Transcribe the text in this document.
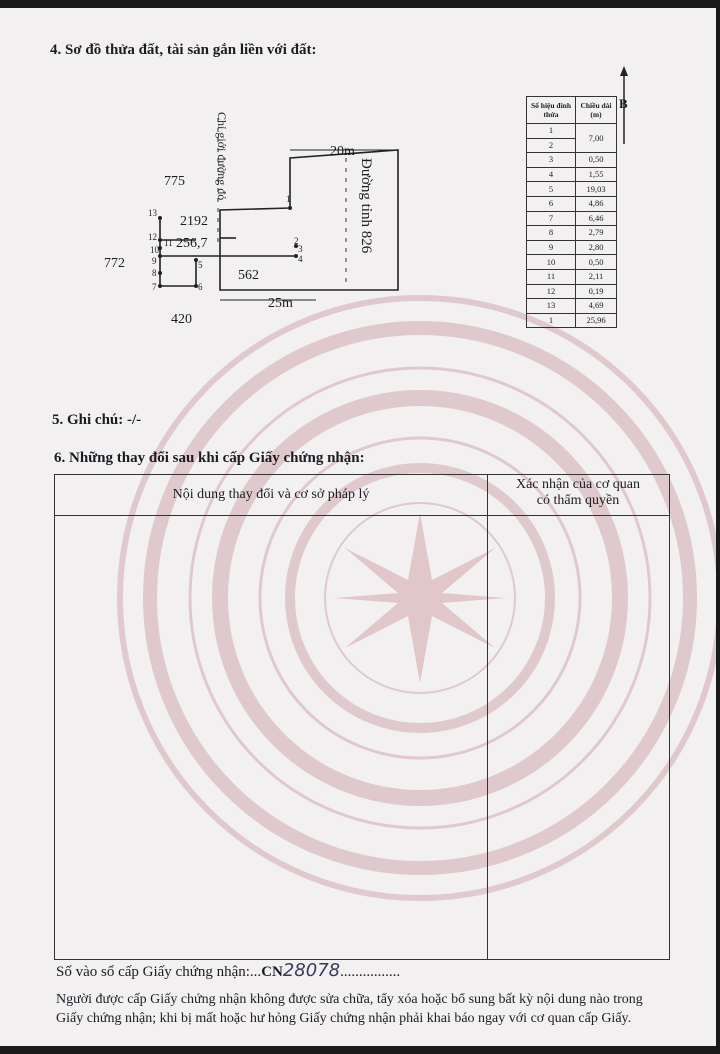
4. Sơ đồ thửa đất, tài sản gắn liền với đất:
B
Chỉ giới đường đỏ
Đường tỉnh 826
20m
25m
2192
256,7
775
772
562
420
1
2
3
4
5
6
7
8
9
10
11
12
13
Số hiệu đỉnh thửa	Chiều dài (m)
1	7,00
2	
3	0,50
4	1,55
5	19,03
6	4,86
7	6,46
8	2,79
9	2,80
10	0,50
11	2,11
12	0,19
13	4,69
1	25,96
5. Ghi chú: -/-
6. Những thay đổi sau khi cấp Giấy chứng nhận:
Nội dung thay đổi và cơ sở pháp lý
Xác nhận của cơ quan
có thẩm quyền
Số vào sổ cấp Giấy chứng nhận:...CN28078................
Người được cấp Giấy chứng nhận không được sửa chữa, tẩy xóa hoặc bổ sung bất kỳ nội dung nào trong
Giấy chứng nhận; khi bị mất hoặc hư hỏng Giấy chứng nhận phải khai báo ngay với cơ quan cấp Giấy.
